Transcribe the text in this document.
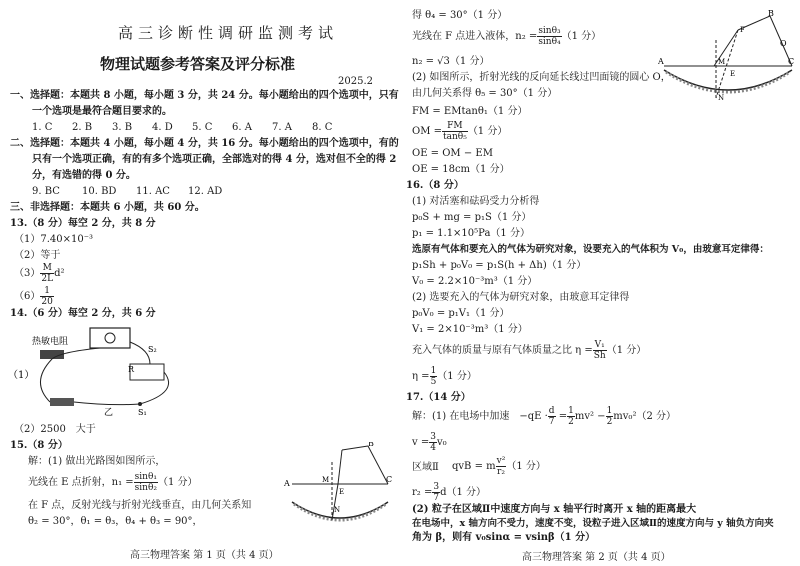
高三诊断性调研监测考试
物理试题参考答案及评分标准
2025.2
一、选择题：本题共 8 小题，每小题 3 分，共 24 分。每小题给出的四个选项中，只有
一个选项是最符合题目要求的。
1. C 2. B 3. B 4. D 5. C 6. A 7. A 8. C
二、选择题：本题共 4 小题，每小题 4 分，共 16 分。每小题给出的四个选项中，有的
只有一个选项正确，有的有多个选项正确，全部选对的得 4 分，选对但不全的得 2
分，有选错的得 0 分。
9. BC 10. BD 11. AC 12. AD
三、非选择题：本题共 6 小题，共 60 分。
13.（8 分）每空 2 分，共 8 分
（1）7.40×10⁻³
（2）等于
$(3) \frac{M}{2L} d^2$
$(6) \frac{1}{20}$
14.（6 分）每空 2 分，共 6 分
热敏电阻
（1）
R
S₂
S₁
乙
（2）2500　大于
15.（8 分）
解：(1) 做出光路图如图所示，
光线在 E 点折射，$n_1 = \frac{\text{sinθ₁}}{\text{sinθ₂}} (1$ 分）
在 F 点，反射光线与折射光线垂直，由几何关系知
θ₂ = 30°，θ₁ = θ₃，θ₄ + θ₃ = 90°，
A
B
C
M
E
N
高三物理答案 第 1 页（共 4 页）
得 θ₄ = 30°（1 分）
光线在 F 点进入液体，$n_2 = \frac{\text{sinθ₃}}{\text{sinθ₄}} (1$ 分）
n₂ = √3（1 分）
(2) 如图所示，折射光线的反向延长线过凹面镜的圆心 O，
由几何关系得 θ₅ = 30°（1 分）
FM = EMtanθ₁（1 分）
OM = $\frac{FM}{\text{tanθ₅}} (1$ 分）
OE = OM − EM
OE = 18cm（1 分）
A
B
C
O
M
E
F
N
16.（8 分）
(1) 对活塞和砝码受力分析得
p₀S + mg = p₁S（1 分）
p₁ = 1.1×10⁵Pa（1 分）
选原有气体和要充入的气体为研究对象，设要充入的气体积为 V₀，由玻意耳定律得：
p₁Sh + p₀V₀ = p₁S(h + Δh)（1 分）
V₀ = 2.2×10⁻³m³（1 分）
(2) 选要充入的气体为研究对象，由玻意耳定律得
p₀V₀ = p₁V₁（1 分）
V₁ = 2×10⁻³m³（1 分）
充入气体的质量与原有气体质量之比 $\eta = \frac{\text{V₁}}{Sh} (1$ 分）
$\eta = \frac{1}{5} (1$ 分）
17.（14 分）
解：(1) 在电场中加速　$-qE \cdot \frac{d}{7} = \frac{1}{2} mv^2 - \frac{1}{2} mv_0^2(2$ 分）
$v = \frac{3}{4} v_0$
区域Ⅱ qvB = m $\frac{\text{v²}}{\text{r₂}} (1$ 分）
$r_2 = \frac{3}{7} d(1$ 分）
(2) 粒子在区域Ⅱ中速度方向与 x 轴平行时离开 x 轴的距离最大
在电场中，x 轴方向不受力，速度不变，设粒子进入区域Ⅱ的速度方向与 y 轴负方向夹
角为 β，则有 v₀sinα = vsinβ（1 分）
高三物理答案 第 2 页（共 4 页）
